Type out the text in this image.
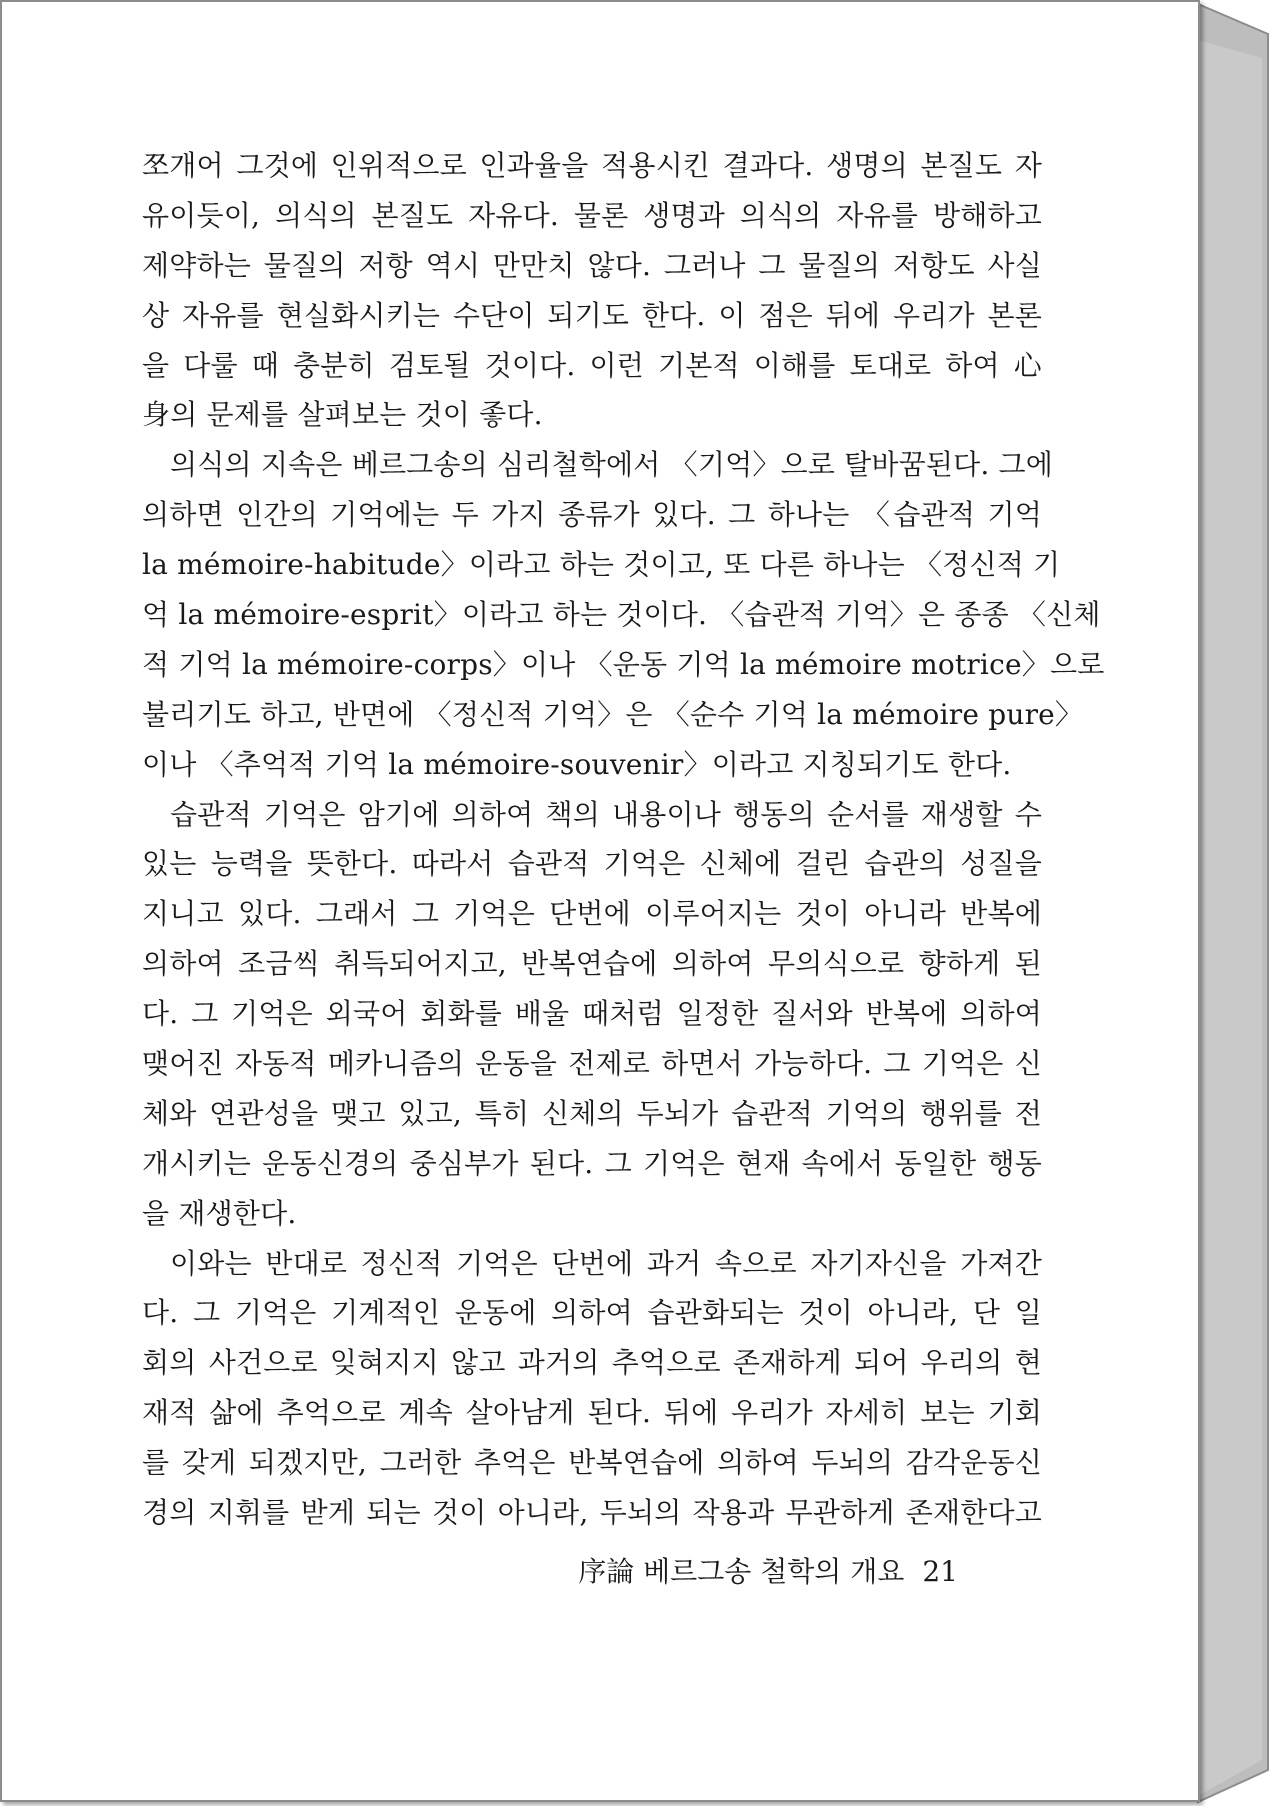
쪼개어 그것에 인위적으로 인과율을 적용시킨 결과다. 생명의 본질도 자
유이듯이, 의식의 본질도 자유다. 물론 생명과 의식의 자유를 방해하고
제약하는 물질의 저항 역시 만만치 않다. 그러나 그 물질의 저항도 사실
상 자유를 현실화시키는 수단이 되기도 한다. 이 점은 뒤에 우리가 본론
을 다룰 때 충분히 검토될 것이다. 이런 기본적 이해를 토대로 하여 心
身의 문제를 살펴보는 것이 좋다.
의식의 지속은 베르그송의 심리철학에서 〈기억〉으로 탈바꿈된다. 그에
의하면 인간의 기억에는 두 가지 종류가 있다. 그 하나는 〈습관적 기억
la mémoire-habitude〉이라고 하는 것이고, 또 다른 하나는 〈정신적 기
억 la mémoire-esprit〉이라고 하는 것이다. 〈습관적 기억〉은 종종 〈신체
적 기억 la mémoire-corps〉이나 〈운동 기억 la mémoire motrice〉으로
불리기도 하고, 반면에 〈정신적 기억〉은 〈순수 기억 la mémoire pure〉
이나 〈추억적 기억 la mémoire-souvenir〉이라고 지칭되기도 한다.
습관적 기억은 암기에 의하여 책의 내용이나 행동의 순서를 재생할 수
있는 능력을 뜻한다. 따라서 습관적 기억은 신체에 걸린 습관의 성질을
지니고 있다. 그래서 그 기억은 단번에 이루어지는 것이 아니라 반복에
의하여 조금씩 취득되어지고, 반복연습에 의하여 무의식으로 향하게 된
다. 그 기억은 외국어 회화를 배울 때처럼 일정한 질서와 반복에 의하여
맺어진 자동적 메카니즘의 운동을 전제로 하면서 가능하다. 그 기억은 신
체와 연관성을 맺고 있고, 특히 신체의 두뇌가 습관적 기억의 행위를 전
개시키는 운동신경의 중심부가 된다. 그 기억은 현재 속에서 동일한 행동
을 재생한다.
이와는 반대로 정신적 기억은 단번에 과거 속으로 자기자신을 가져간
다. 그 기억은 기계적인 운동에 의하여 습관화되는 것이 아니라, 단 일
회의 사건으로 잊혀지지 않고 과거의 추억으로 존재하게 되어 우리의 현
재적 삶에 추억으로 계속 살아남게 된다. 뒤에 우리가 자세히 보는 기회
를 갖게 되겠지만, 그러한 추억은 반복연습에 의하여 두뇌의 감각운동신
경의 지휘를 받게 되는 것이 아니라, 두뇌의 작용과 무관하게 존재한다고
序論 베르그송 철학의 개요 21
